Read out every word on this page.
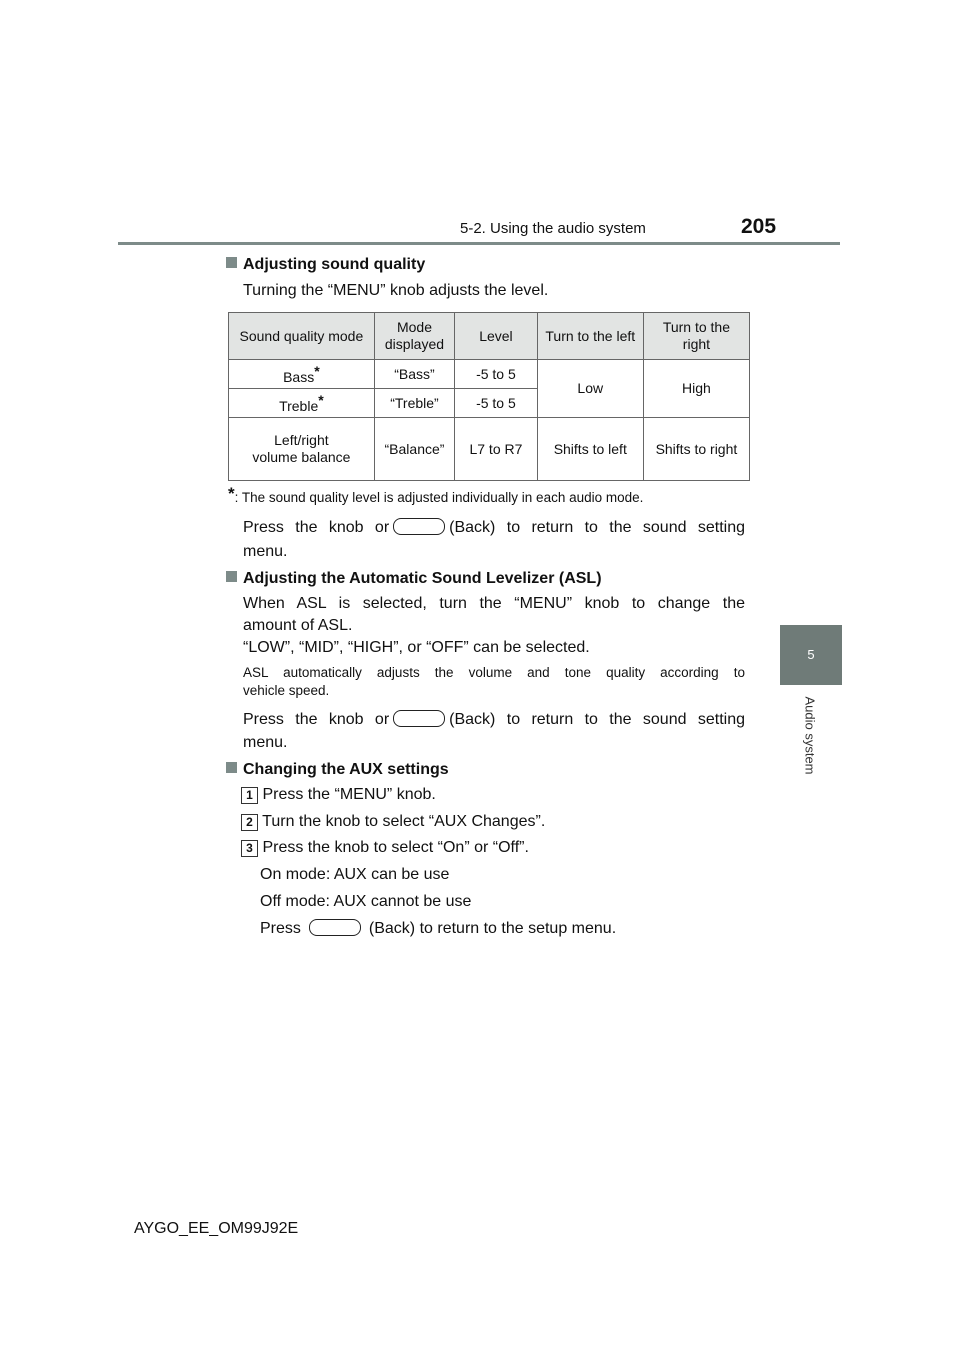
5-2. Using the audio system	205
5
Audio system
Adjusting sound quality
Turning the “MENU” knob adjusts the level.
Sound quality mode	Mode displayed	Level	Turn to the left	Turn to the right
Bass*	“Bass”	-5 to 5	Low	High
Treble*	“Treble”	-5 to 5		
Left/right volume balance	“Balance”	L7 to R7	Shifts to left	Shifts to right
*: The sound quality level is adjusted individually in each audio mode.
Press the knob or	(Back) to return to the sound setting
menu.
Adjusting the Automatic Sound Levelizer (ASL)
When ASL is selected, turn the “MENU” knob to change the
amount of ASL.
“LOW”, “MID”, “HIGH”, or “OFF” can be selected.
ASL automatically adjusts the volume and tone quality according to
vehicle speed.
Press the knob or	(Back) to return to the sound setting
menu.
Changing the AUX settings
1 Press the “MENU” knob.
2 Turn the knob to select “AUX Changes”.
3 Press the knob to select “On” or “Off”.
On mode: AUX can be use
Off mode: AUX cannot be use
Press	(Back) to return to the setup menu.
AYGO_EE_OM99J92E
